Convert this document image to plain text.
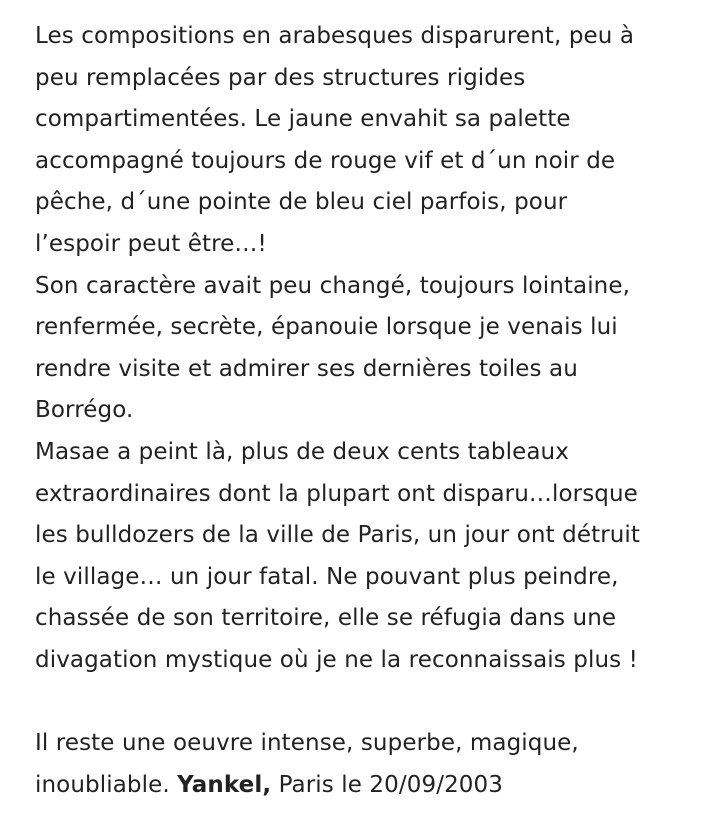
Les compositions en arabesques disparurent, peu à
peu remplacées par des structures rigides
compartimentées. Le jaune envahit sa palette
accompagné toujours de rouge vif et d´un noir de
pêche, d´une pointe de bleu ciel parfois, pour
l’espoir peut être…!
Son caractère avait peu changé, toujours lointaine,
renfermée, secrète, épanouie lorsque je venais lui
rendre visite et admirer ses dernières toiles au
Borrégo.
Masae a peint là, plus de deux cents tableaux
extraordinaires dont la plupart ont disparu…lorsque
les bulldozers de la ville de Paris, un jour ont détruit
le village… un jour fatal. Ne pouvant plus peindre,
chassée de son territoire, elle se réfugia dans une
divagation mystique où je ne la reconnaissais plus !
Il reste une oeuvre intense, superbe, magique,
inoubliable. Yankel, Paris le 20/09/2003
